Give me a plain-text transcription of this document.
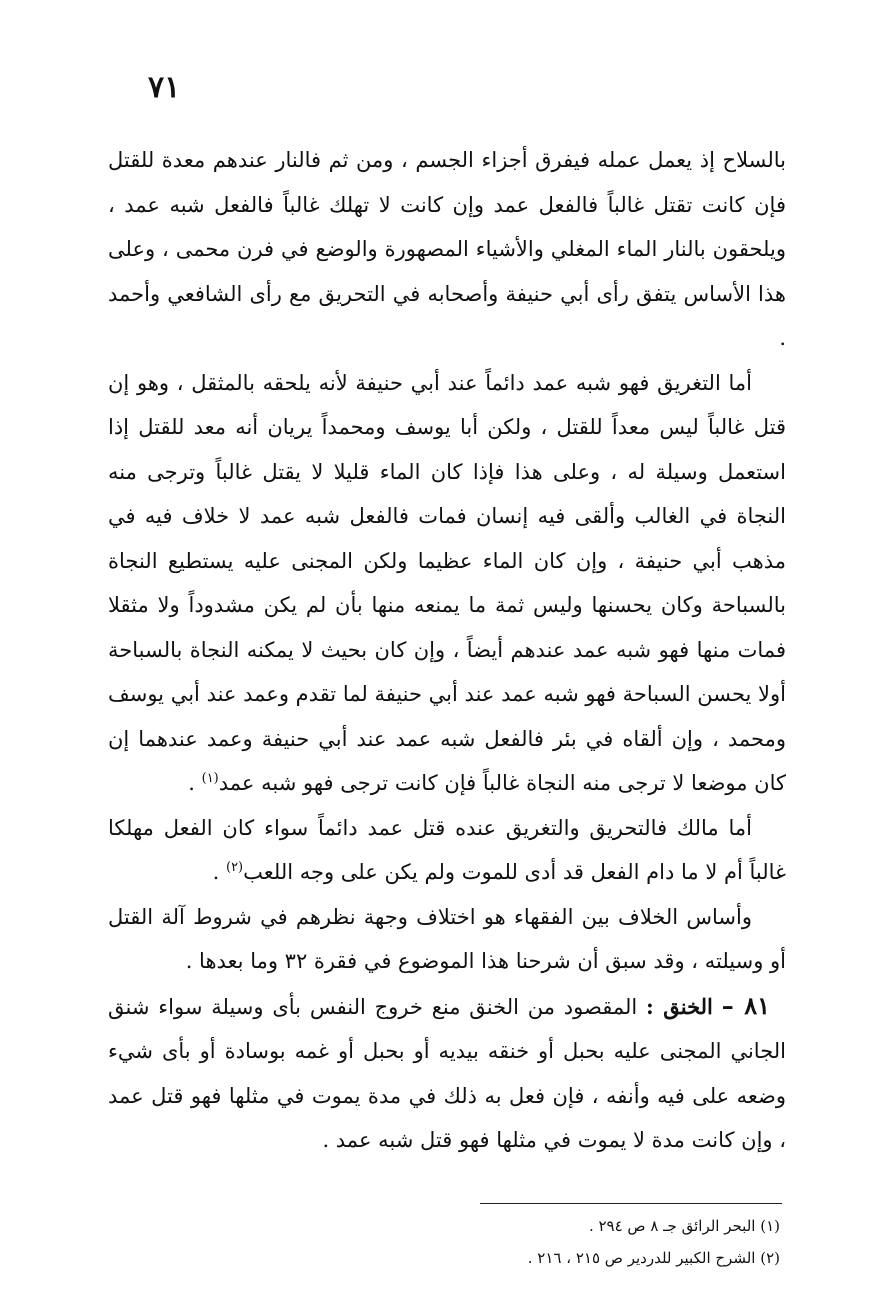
٧١

بالسلاح إذ يعمل عمله فيفرق أجزاء الجسم ، ومن ثم فالنار عندهم معدة للقتل فإن كانت تقتل غالباً فالفعل عمد وإن كانت لا تهلك غالباً فالفعل شبه عمد ، ويلحقون بالنار الماء المغلي والأشياء المصهورة والوضع في فرن محمى ، وعلى هذا الأساس يتفق رأى أبي حنيفة وأصحابه في التحريق مع رأى الشافعي وأحمد .

أما التغريق فهو شبه عمد دائماً عند أبي حنيفة لأنه يلحقه بالمثقل ، وهو إن قتل غالباً ليس معداً للقتل ، ولكن أبا يوسف ومحمداً يريان أنه معد للقتل إذا استعمل وسيلة له ، وعلى هذا فإذا كان الماء قليلا لا يقتل غالباً وترجى منه النجاة في الغالب وألقى فيه إنسان فمات فالفعل شبه عمد لا خلاف فيه في مذهب أبي حنيفة ، وإن كان الماء عظيما ولكن المجنى عليه يستطيع النجاة بالسباحة وكان يحسنها وليس ثمة ما يمنعه منها بأن لم يكن مشدوداً ولا مثقلا فمات منها فهو شبه عمد عندهم أيضاً ، وإن كان بحيث لا يمكنه النجاة بالسباحة أولا يحسن السباحة فهو شبه عمد عند أبي حنيفة لما تقدم وعمد عند أبي يوسف ومحمد ، وإن ألقاه في بئر فالفعل شبه عمد عند أبي حنيفة وعمد عندهما إن كان موضعا لا ترجى منه النجاة غالباً فإن كانت ترجى فهو شبه عمد$^{(١)}$ .

أما مالك فالتحريق والتغريق عنده قتل عمد دائماً سواء كان الفعل مهلكا غالباً أم لا ما دام الفعل قد أدى للموت ولم يكن على وجه اللعب$^{(٢)}$ .

وأساس الخلاف بين الفقهاء هو اختلاف وجهة نظرهم في شروط آلة القتل أو وسيلته ، وقد سبق أن شرحنا هذا الموضوع في فقرة ٣٢ وما بعدها .

٨١ – الخنق : المقصود من الخنق منع خروج النفس بأى وسيلة سواء شنق الجاني المجنى عليه بحبل أو خنقه بيديه أو بحبل أو غمه بوسادة أو بأى شيء وضعه على فيه وأنفه ، فإن فعل به ذلك في مدة يموت في مثلها فهو قتل عمد ، وإن كانت مدة لا يموت في مثلها فهو قتل شبه عمد .

(١) البحر الرائق جـ ٨ ص ٢٩٤ .

(٢) الشرح الكبير للدردير ص ٢١٥ ، ٢١٦ .
